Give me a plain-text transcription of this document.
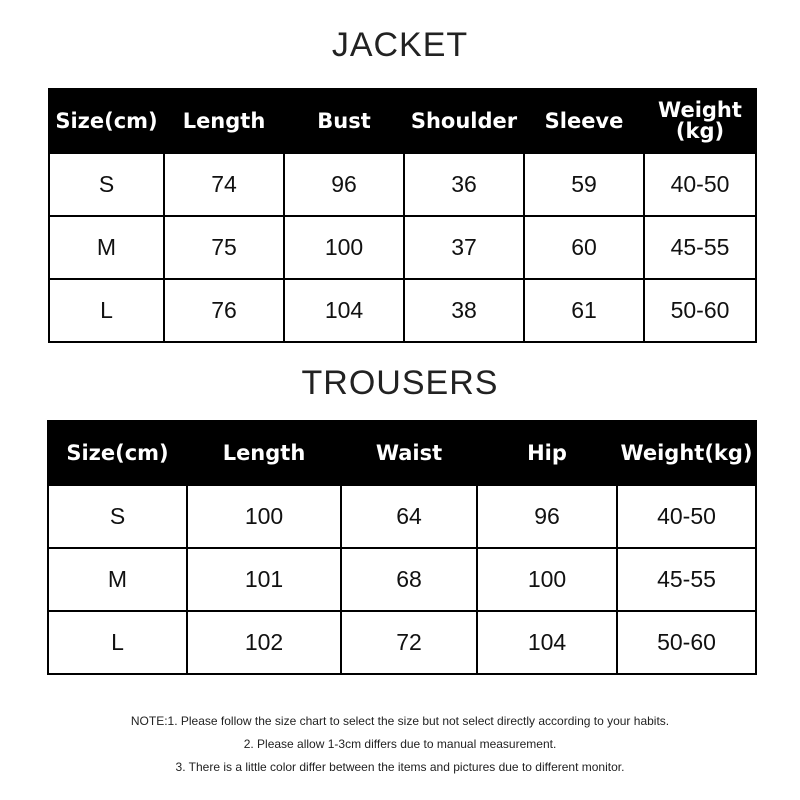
JACKET
Size(cm)	Length	Bust	Shoulder	Sleeve	Weight (kg)
S	74	96	36	59	40-50
M	75	100	37	60	45-55
L	76	104	38	61	50-60
TROUSERS
Size(cm)	Length	Waist	Hip	Weight(kg)
S	100	64	96	40-50
M	101	68	100	45-55
L	102	72	104	50-60
NOTE:1. Please follow the size chart to select the size but not select directly according to your habits.
2. Please allow 1-3cm differs due to manual measurement.
3. There is a little color differ between the items and pictures due to different monitor.
